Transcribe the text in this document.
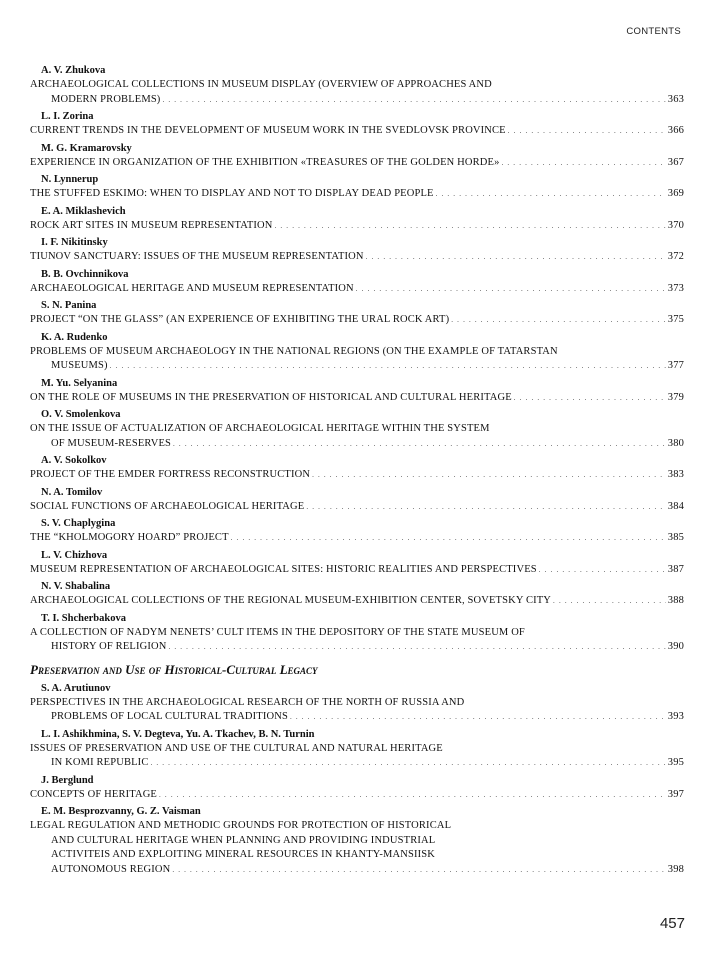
CONTENTS
A. V. Zhukova
ARCHAEOLOGICAL COLLECTIONS IN MUSEUM DISPLAY (OVERVIEW OF APPROACHES AND
MODERN PROBLEMS) . . .	363
L. I. Zorina
CURRENT TRENDS IN THE DEVELOPMENT OF MUSEUM WORK IN THE SVEDLOVSK PROVINCE . . .	366
M. G. Kramarovsky
EXPERIENCE IN ORGANIZATION OF THE EXHIBITION «TREASURES OF THE GOLDEN HORDE» . . .	367
N. Lynnerup
THE STUFFED ESKIMO: WHEN TO DISPLAY AND NOT TO DISPLAY DEAD PEOPLE . . .	369
E. A. Miklashevich
ROCK ART SITES IN MUSEUM REPRESENTATION . . .	370
I. F. Nikitinsky
TIUNOV SANCTUARY: ISSUES OF THE MUSEUM REPRESENTATION . . .	372
B. B. Ovchinnikova
ARCHAEOLOGICAL HERITAGE AND MUSEUM REPRESENTATION . . .	373
S. N. Panina
PROJECT “ON THE GLASS” (AN EXPERIENCE OF EXHIBITING THE URAL ROCK ART) . . .	375
K. A. Rudenko
PROBLEMS OF MUSEUM ARCHAEOLOGY IN THE NATIONAL REGIONS (ON THE EXAMPLE OF TATARSTAN
MUSEUMS) . . .	377
M. Yu. Selyanina
ON THE ROLE OF MUSEUMS IN THE PRESERVATION OF HISTORICAL AND CULTURAL HERITAGE . . .	379
O. V. Smolenkova
ON THE ISSUE OF ACTUALIZATION OF ARCHAEOLOGICAL HERITAGE WITHIN THE SYSTEM
OF MUSEUM-RESERVES . . .	380
A. V. Sokolkov
PROJECT OF THE EMDER FORTRESS RECONSTRUCTION . . .	383
N. A. Tomilov
SOCIAL FUNCTIONS OF ARCHAEOLOGICAL HERITAGE . . .	384
S. V. Chaplygina
THE “KHOLMOGORY HOARD” PROJECT . . .	385
L. V. Chizhova
MUSEUM REPRESENTATION OF ARCHAEOLOGICAL SITES: HISTORIC REALITIES AND PERSPECTIVES . . .	387
N. V. Shabalina
ARCHAEOLOGICAL COLLECTIONS OF THE REGIONAL MUSEUM-EXHIBITION CENTER, SOVETSKY CITY . . .	388
T. I. Shcherbakova
A COLLECTION OF NADYM NENETS’ CULT ITEMS IN THE DEPOSITORY OF THE STATE MUSEUM OF
HISTORY OF RELIGION . . .	390
Preservation and Use of Historical-Cultural Legacy
S. A. Arutiunov
PERSPECTIVES IN THE ARCHAEOLOGICAL RESEARCH OF THE NORTH OF RUSSIA AND
PROBLEMS OF LOCAL CULTURAL TRADITIONS . . .	393
L. I. Ashikhmina, S. V. Degteva, Yu. A. Tkachev, B. N. Turnin
ISSUES OF PRESERVATION AND USE OF THE CULTURAL AND NATURAL HERITAGE
IN KOMI REPUBLIC . . .	395
J. Berglund
CONCEPTS OF HERITAGE . . .	397
E. M. Besprozvanny, G. Z. Vaisman
LEGAL REGULATION AND METHODIC GROUNDS FOR PROTECTION OF HISTORICAL
AND CULTURAL HERITAGE WHEN PLANNING AND PROVIDING INDUSTRIAL
ACTIVITEIS AND EXPLOITING MINERAL RESOURCES IN KHANTY-MANSIISK
AUTONOMOUS REGION . . .	398
457
